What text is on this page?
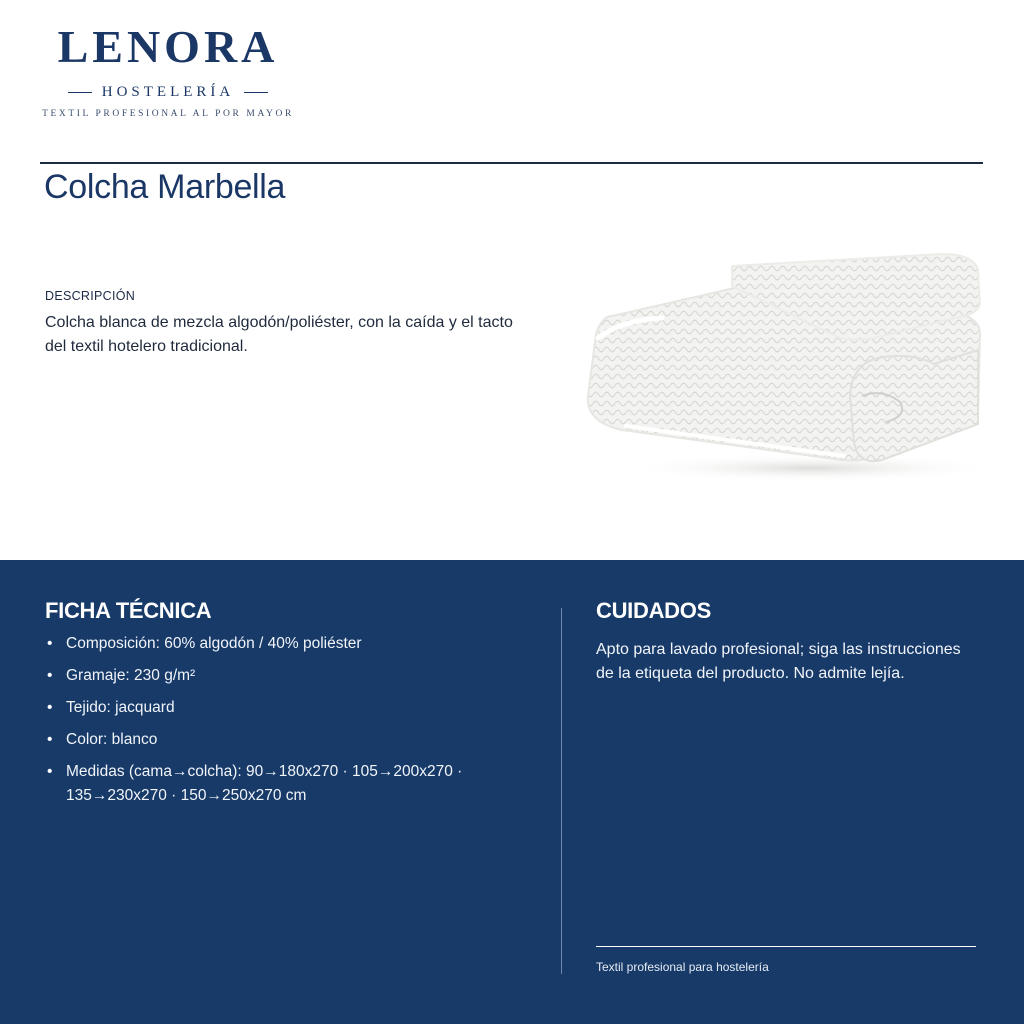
LENORA
HOSTELERÍA
TEXTIL PROFESIONAL AL POR MAYOR
Colcha Marbella
DESCRIPCIÓN

Colcha blanca de mezcla algodón/poliéster, con la caída y el tacto del textil hotelero tradicional.

FICHA TÉCNICA
• Composición: 60% algodón / 40% poliéster
• Gramaje: 230 g/m²
• Tejido: jacquard
• Color: blanco
• Medidas (cama→colcha): 90→180x270 · 105→200x270 · 135→230x270 · 150→250x270 cm
CUIDADOS

Apto para lavado profesional; siga las instrucciones de la etiqueta del producto. No admite lejía.

Textil profesional para hostelería
